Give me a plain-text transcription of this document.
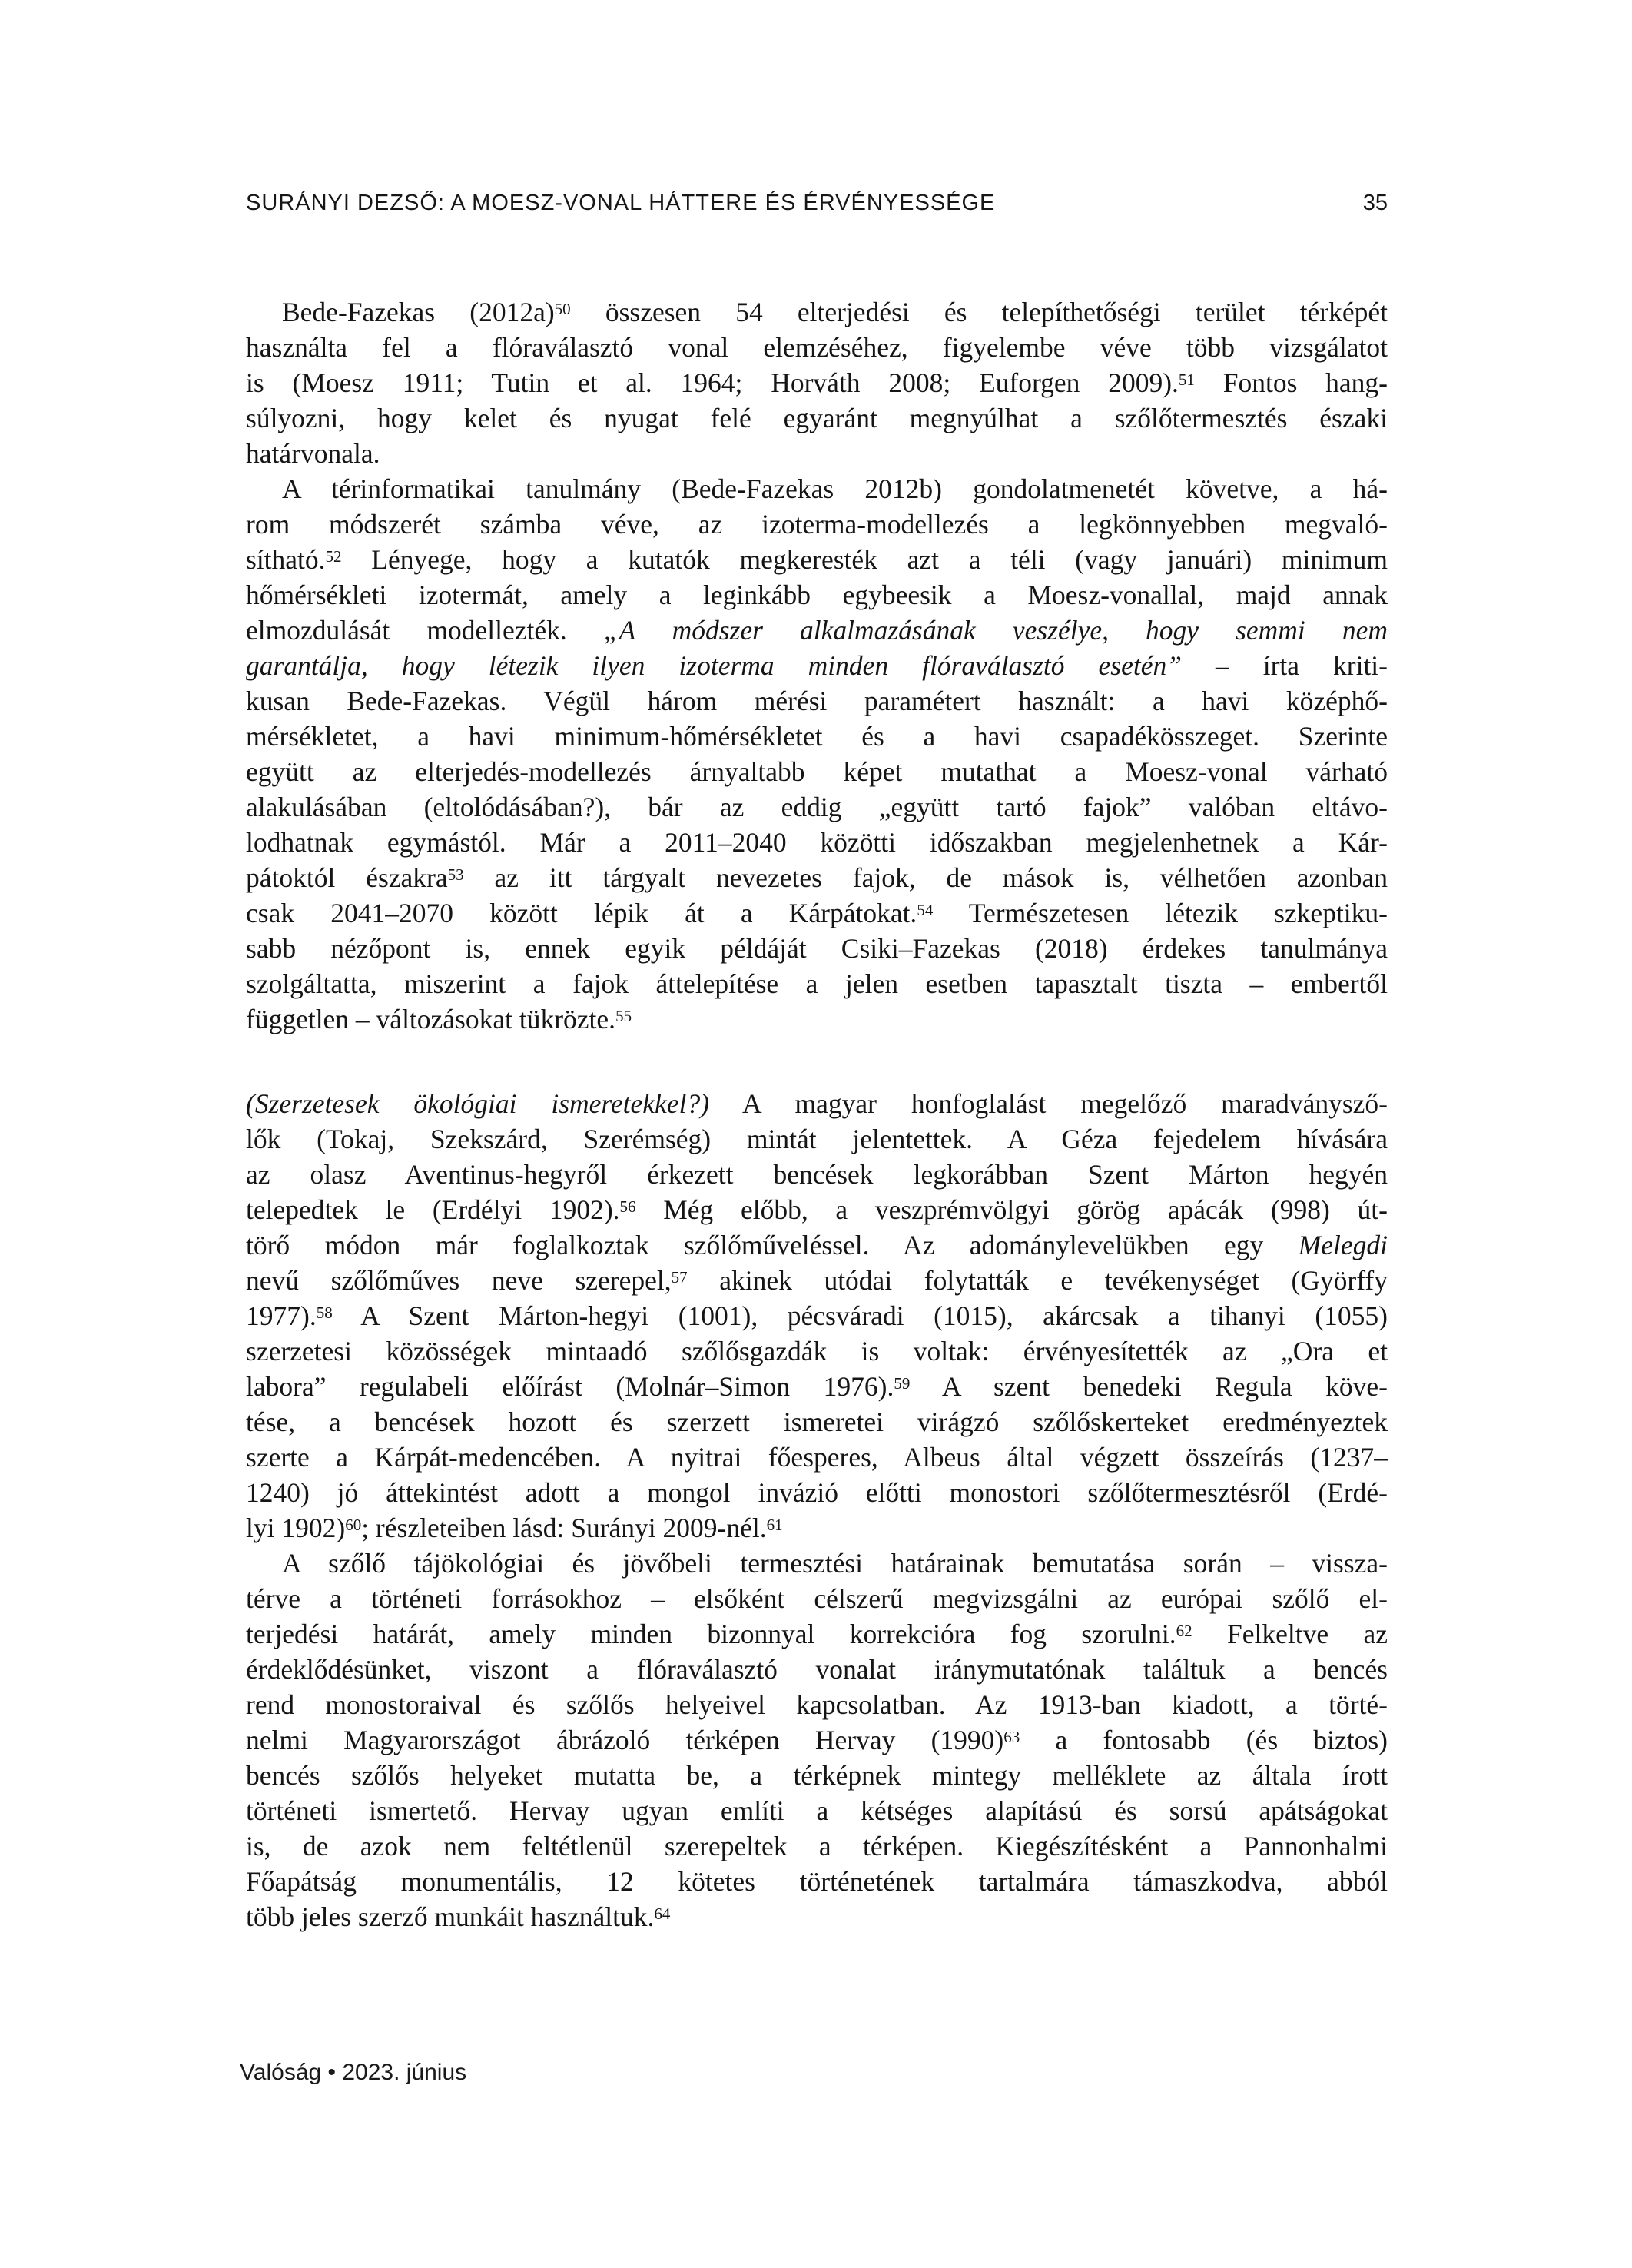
SURÁNYI DEZSŐ: A MOESZ-VONAL HÁTTERE ÉS ÉRVÉNYESSÉGE	35
Bede-Fazekas (2012a)$^{50}$ összesen 54 elterjedési és telepíthetőségi terület térképét
használta fel a flóraválasztó vonal elemzéséhez, figyelembe véve több vizsgálatot
is (Moesz 1911; Tutin et al. 1964; Horváth 2008; Euforgen 2009).$^{51}$ Fontos hang-
súlyozni, hogy kelet és nyugat felé egyaránt megnyúlhat a szőlőtermesztés északi
határvonala.
A térinformatikai tanulmány (Bede-Fazekas 2012b) gondolatmenetét követve, a há-
rom módszerét számba véve, az izoterma-modellezés a legkönnyebben megvaló-
sítható.$^{52}$ Lényege, hogy a kutatók megkeresték azt a téli (vagy januári) minimum
hőmérsékleti izotermát, amely a leginkább egybeesik a Moesz-vonallal, majd annak
elmozdulását modellezték. „A módszer alkalmazásának veszélye, hogy semmi nem
garantálja, hogy létezik ilyen izoterma minden flóraválasztó esetén” – írta kriti-
kusan Bede-Fazekas. Végül három mérési paramétert használt: a havi középhő-
mérsékletet, a havi minimum-hőmérsékletet és a havi csapadékösszeget. Szerinte
együtt az elterjedés-modellezés árnyaltabb képet mutathat a Moesz-vonal várható
alakulásában (eltolódásában?), bár az eddig „együtt tartó fajok” valóban eltávo-
lodhatnak egymástól. Már a 2011–2040 közötti időszakban megjelenhetnek a Kár-
pátoktól északra$^{53}$ az itt tárgyalt nevezetes fajok, de mások is, vélhetően azonban
csak 2041–2070 között lépik át a Kárpátokat.$^{54}$ Természetesen létezik szkeptiku-
sabb nézőpont is, ennek egyik példáját Csiki–Fazekas (2018) érdekes tanulmánya
szolgáltatta, miszerint a fajok áttelepítése a jelen esetben tapasztalt tiszta – embertől
független – változásokat tükrözte.$^{55}$
(Szerzetesek ökológiai ismeretekkel?) A magyar honfoglalást megelőző maradványsző-
lők (Tokaj, Szekszárd, Szerémség) mintát jelentettek. A Géza fejedelem hívására
az olasz Aventinus-hegyről érkezett bencések legkorábban Szent Márton hegyén
telepedtek le (Erdélyi 1902).$^{56}$ Még előbb, a veszprémvölgyi görög apácák (998) út-
törő módon már foglalkoztak szőlőműveléssel. Az adománylevelükben egy Melegdi
nevű szőlőműves neve szerepel,$^{57}$ akinek utódai folytatták e tevékenységet (Györffy
1977).$^{58}$ A Szent Márton-hegyi (1001), pécsváradi (1015), akárcsak a tihanyi (1055)
szerzetesi közösségek mintaadó szőlősgazdák is voltak: érvényesítették az „Ora et
labora” regulabeli előírást (Molnár–Simon 1976).$^{59}$ A szent benedeki Regula köve-
tése, a bencések hozott és szerzett ismeretei virágzó szőlőskerteket eredményeztek
szerte a Kárpát-medencében. A nyitrai főesperes, Albeus által végzett összeírás (1237–
1240) jó áttekintést adott a mongol invázió előtti monostori szőlőtermesztésről (Erdé-
lyi 1902)$^{60}$; részleteiben lásd: Surányi 2009-nél.$^{61}$
A szőlő tájökológiai és jövőbeli termesztési határainak bemutatása során – vissza-
térve a történeti forrásokhoz – elsőként célszerű megvizsgálni az európai szőlő el-
terjedési határát, amely minden bizonnyal korrekcióra fog szorulni.$^{62}$ Felkeltve az
érdeklődésünket, viszont a flóraválasztó vonalat iránymutatónak találtuk a bencés
rend monostoraival és szőlős helyeivel kapcsolatban. Az 1913-ban kiadott, a törté-
nelmi Magyarországot ábrázoló térképen Hervay (1990)$^{63}$ a fontosabb (és biztos)
bencés szőlős helyeket mutatta be, a térképnek mintegy melléklete az általa írott
történeti ismertető. Hervay ugyan említi a kétséges alapítású és sorsú apátságokat
is, de azok nem feltétlenül szerepeltek a térképen. Kiegészítésként a Pannonhalmi
Főapátság monumentális, 12 kötetes történetének tartalmára támaszkodva, abból
több jeles szerző munkáit használtuk.$^{64}$
Valóság • 2023. június
